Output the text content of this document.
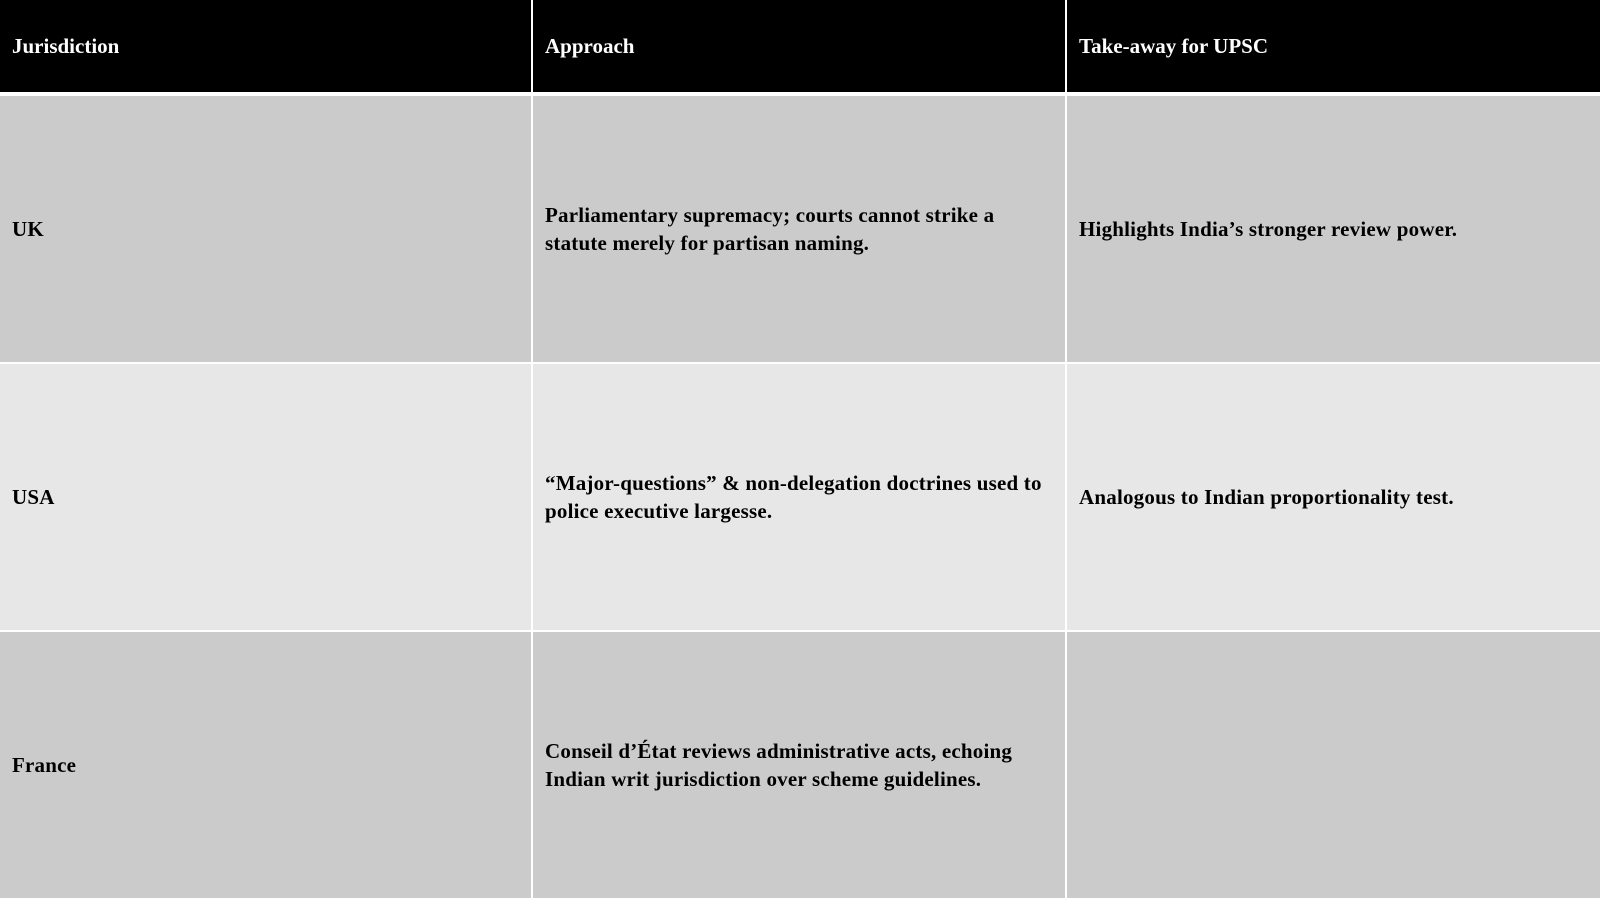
Jurisdiction	Approach	Take-away for UPSC
UK	Parliamentary supremacy; courts cannot strike a statute merely for partisan naming.	Highlights India’s stronger review power.
USA	“Major-questions” & non-delegation doctrines used to police executive largesse.	Analogous to Indian proportionality test.
France	Conseil d’État reviews administrative acts, echoing Indian writ jurisdiction over scheme guidelines.	
